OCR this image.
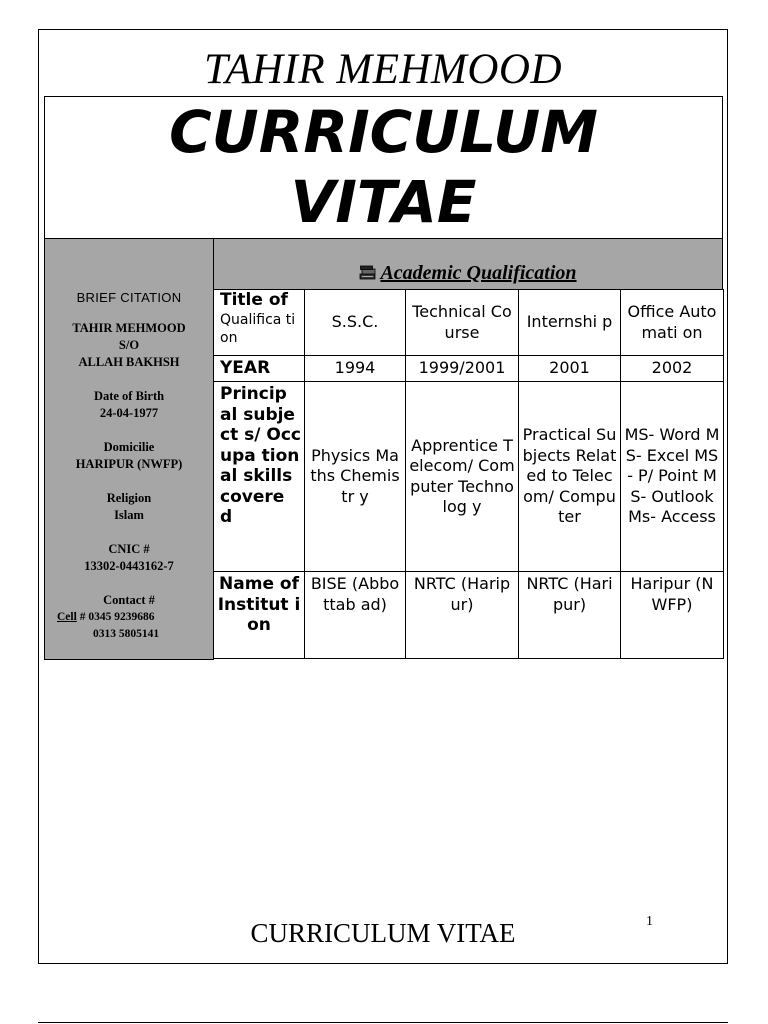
TAHIR MEHMOOD
CURRICULUM
VITAE
BRIEF CITATION
TAHIR MEHMOOD
S/O
ALLAH BAKHSH
Date of Birth
24-04-1977
Domicilie
HARIPUR (NWFP)
Religion
Islam
CNIC #
13302-0443162-7
Contact #
Cell # 0345 9239686
0313 5805141
Academic Qualification
Title of
Qualifica tion	S.S.C.	Technical Course	Internshi p	Office Automati on
YEAR	1994	1999/2001	2001	2002
Princip al subject s/ Occupa tional skills covere d	Physics Maths Chemistr y	Apprentice Telecom/ Computer Technolog y	Practical Subjects Related to Telecom/ Computer	MS- Word MS- Excel MS- P/ Point MS- Outlook Ms- Access
Name of Institut ion	BISE (Abbottab ad)	NRTC (Haripur)	NRTC (Haripur)	Haripur (NWFP)
CURRICULUM VITAE	1
